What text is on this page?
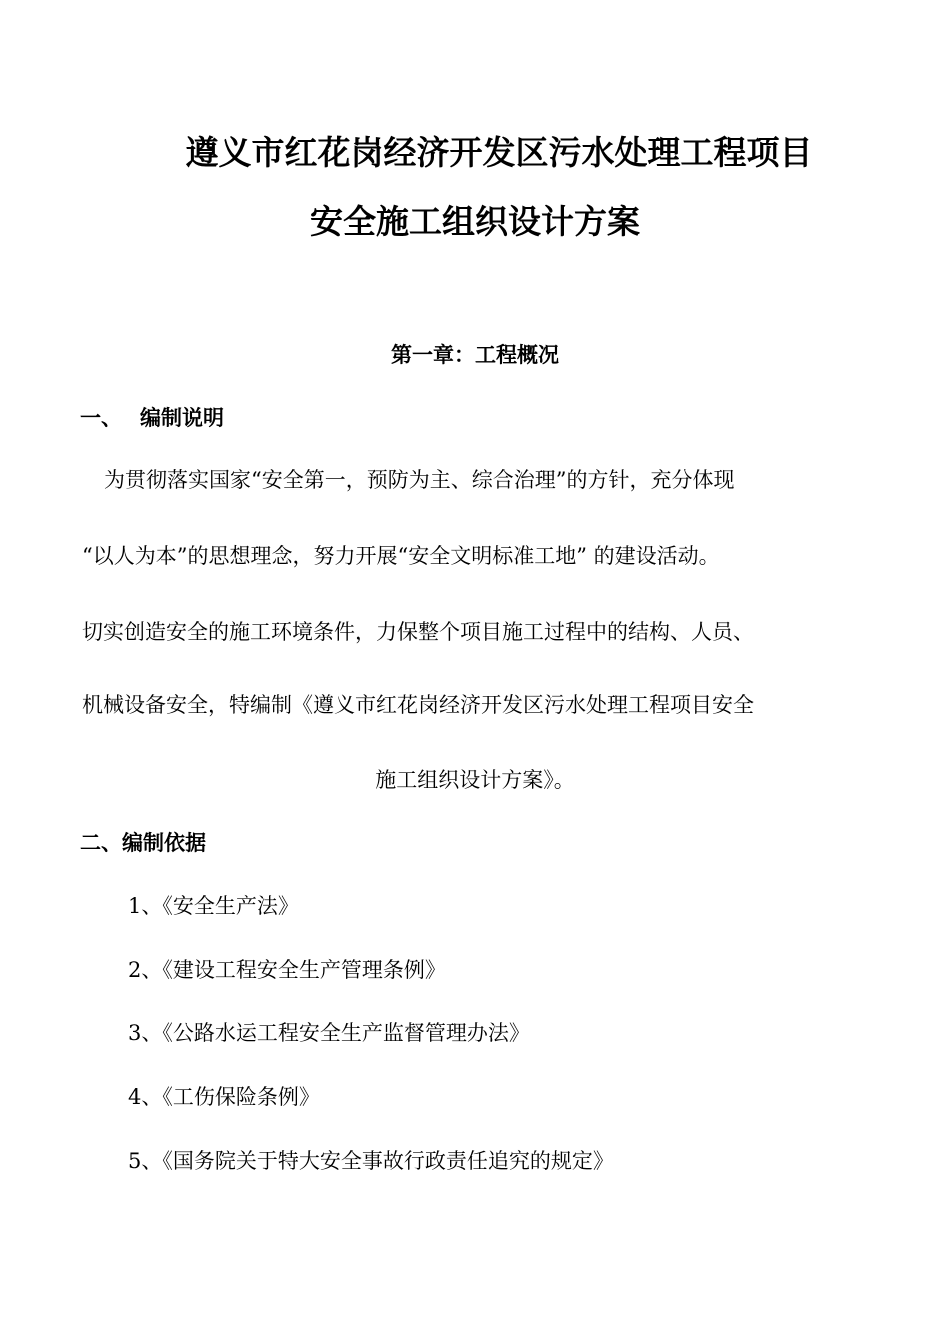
遵义市红花岗经济开发区污水处理工程项目
安全施工组织设计方案
第一章：工程概况
一、 编制说明
为贯彻落实国家“安全第一，预防为主、综合治理”的方针，充分体现
“以人为本”的思想理念，努力开展“安全文明标准工地” 的建设活动。
切实创造安全的施工环境条件，力保整个项目施工过程中的结构、人员、
机械设备安全，特编制《遵义市红花岗经济开发区污水处理工程项目安全
施工组织设计方案》。
二、编制依据
1、《安全生产法》
2、《建设工程安全生产管理条例》
3、《公路水运工程安全生产监督管理办法》
4、《工伤保险条例》
5、《国务院关于特大安全事故行政责任追究的规定》
